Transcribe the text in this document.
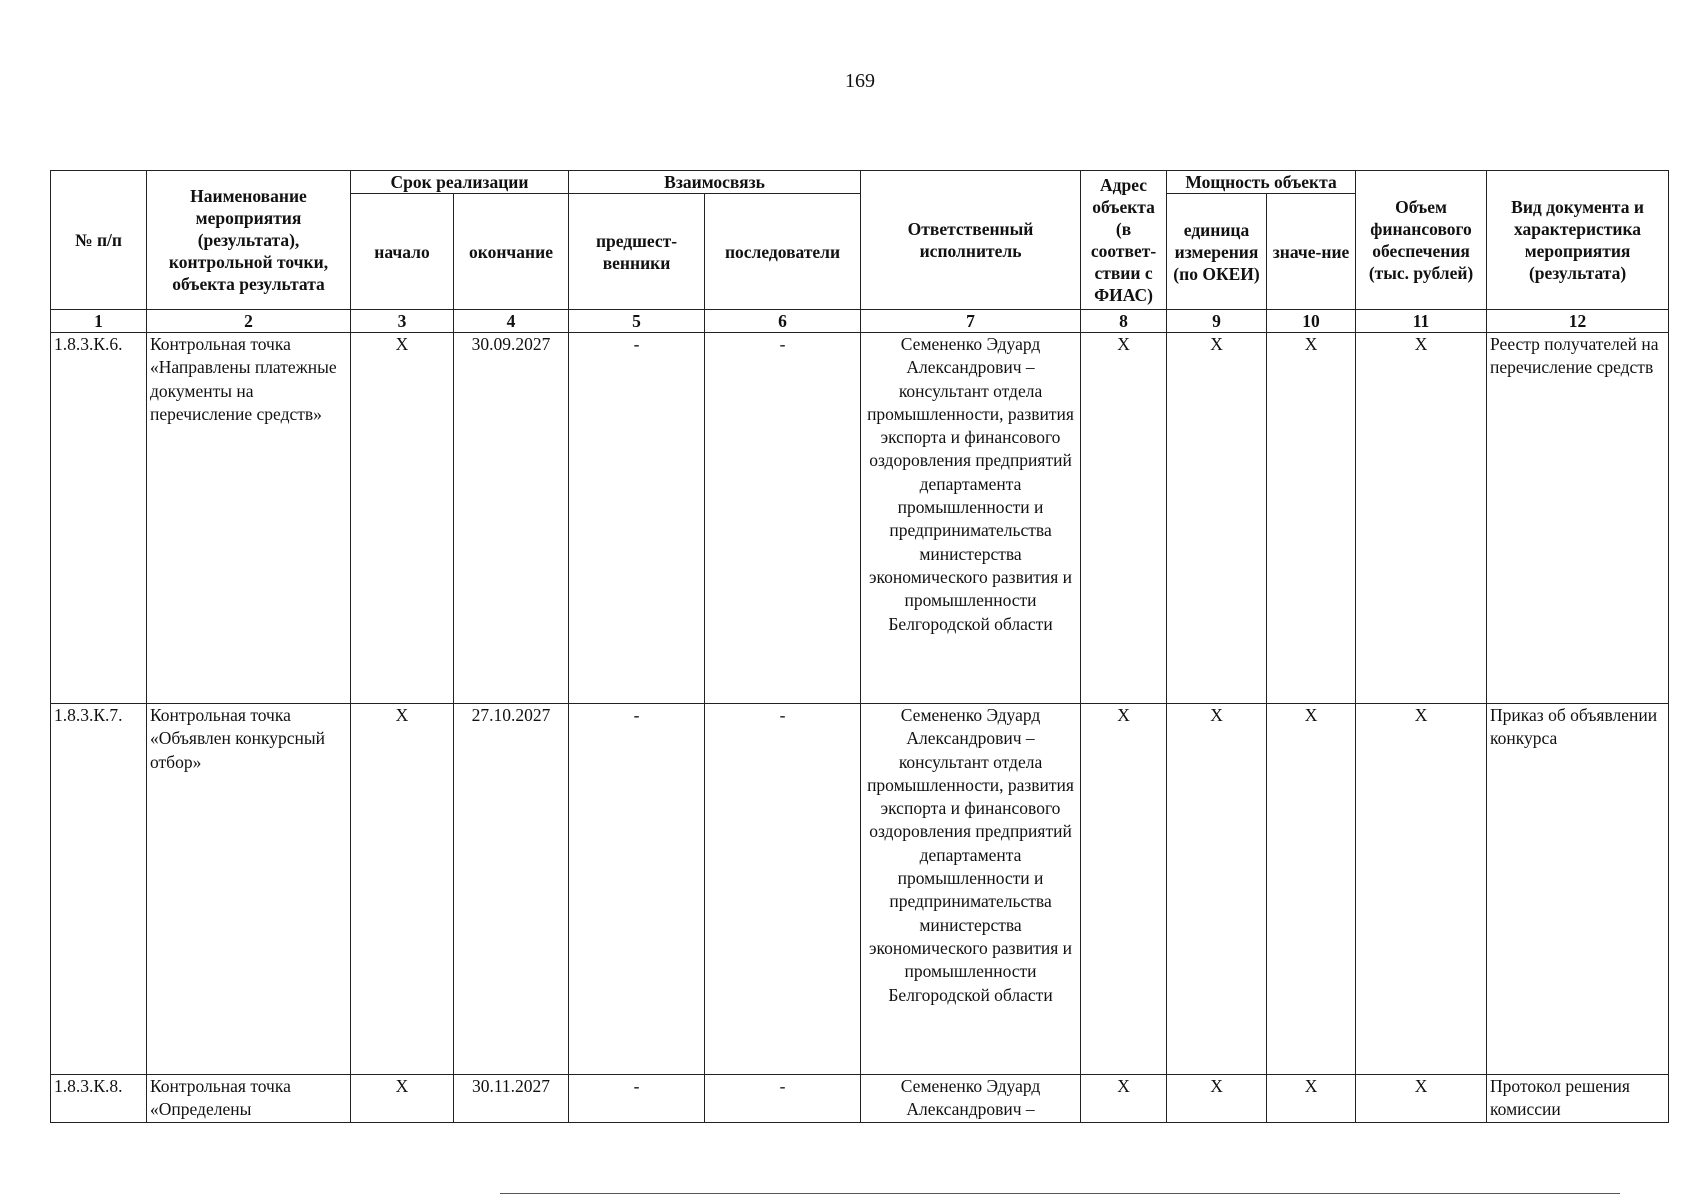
169
№ п/п	Наименование мероприятия (результата), контрольной точки, объекта результата	Срок реализации		Взаимосвязь		Ответственный исполнитель	Адрес объекта (в соответ-ствии с ФИАС)	Мощность объекта		Объем финансового обеспечения (тыс. рублей)	Вид документа и характеристика мероприятия (результата)
		начало	окончание	предшест-венники	последователи			единица измерения (по ОКЕИ)	значе-ние		
1	2	3	4	5	6	7	8	9	10	11	12
1.8.3.К.6.	Контрольная точка «Направлены платежные документы на перечисление средств»	X	30.09.2027	-	-	Семененко Эдуард Александрович – консультант отдела промышленности, развития экспорта и финансового оздоровления предприятий департамента промышленности и предпринимательства министерства экономического развития и промышленности Белгородской области	X	X	X	X	Реестр получателей на перечисление средств
1.8.3.К.7.	Контрольная точка «Объявлен конкурсный отбор»	X	27.10.2027	-	-	Семененко Эдуард Александрович – консультант отдела промышленности, развития экспорта и финансового оздоровления предприятий департамента промышленности и предпринимательства министерства экономического развития и промышленности Белгородской области	X	X	X	X	Приказ об объявлении конкурса
1.8.3.К.8.	Контрольная точка «Определены	X	30.11.2027	-	-	Семененко Эдуард Александрович –	X	X	X	X	Протокол решения комиссии
